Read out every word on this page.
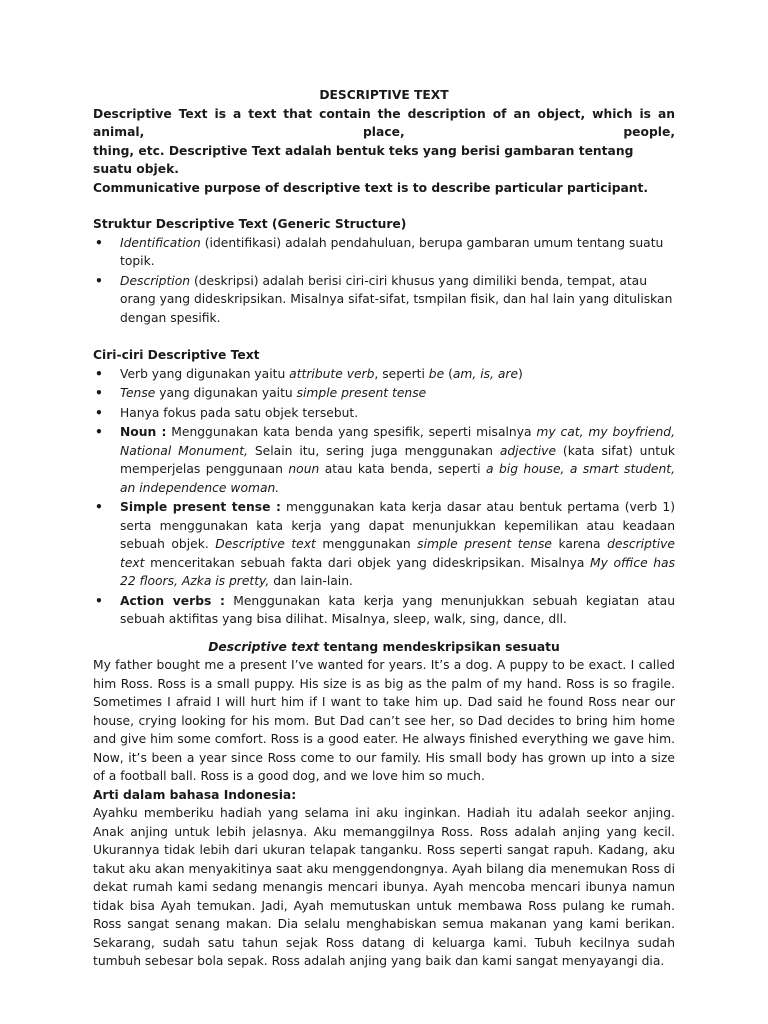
DESCRIPTIVE TEXT

Descriptive Text is a text that contain the description of an object, which is an animal, place, people,

thing, etc. Descriptive Text adalah bentuk teks yang berisi gambaran tentang suatu objek.

Communicative purpose of descriptive text is to describe particular participant.

Struktur Descriptive Text (Generic Structure)

• Identification (identifikasi) adalah pendahuluan, berupa gambaran umum tentang suatu topik.
• Description (deskripsi) adalah berisi ciri-ciri khusus yang dimiliki benda, tempat, atau orang yang dideskripsikan. Misalnya sifat-sifat, tsmpilan fisik, dan hal lain yang dituliskan dengan spesifik.

Ciri-ciri Descriptive Text

• Verb yang digunakan yaitu attribute verb, seperti be (am, is, are)
• Tense yang digunakan yaitu simple present tense
• Hanya fokus pada satu objek tersebut.
• Noun : Menggunakan kata benda yang spesifik, seperti misalnya my cat, my boyfriend, National Monument, Selain itu, sering juga menggunakan adjective (kata sifat) untuk memperjelas penggunaan noun atau kata benda, seperti a big house, a smart student, an independence woman.
• Simple present tense : menggunakan kata kerja dasar atau bentuk pertama (verb 1) serta menggunakan kata kerja yang dapat menunjukkan kepemilikan atau keadaan sebuah objek. Descriptive text menggunakan simple present tense karena descriptive text menceritakan sebuah fakta dari objek yang dideskripsikan. Misalnya My office has 22 floors, Azka is pretty, dan lain-lain.
• Action verbs : Menggunakan kata kerja yang menunjukkan sebuah kegiatan atau sebuah aktifitas yang bisa dilihat. Misalnya, sleep, walk, sing, dance, dll.

Descriptive text tentang mendeskripsikan sesuatu

My father bought me a present I’ve wanted for years. It’s a dog. A puppy to be exact. I called him Ross. Ross is a small puppy. His size is as big as the palm of my hand. Ross is so fragile. Sometimes I afraid I will hurt him if I want to take him up. Dad said he found Ross near our house, crying looking for his mom. But Dad can’t see her, so Dad decides to bring him home and give him some comfort. Ross is a good eater. He always finished everything we gave him. Now, it’s been a year since Ross come to our family. His small body has grown up into a size of a football ball. Ross is a good dog, and we love him so much.

Arti dalam bahasa Indonesia:

Ayahku memberiku hadiah yang selama ini aku inginkan. Hadiah itu adalah seekor anjing. Anak anjing untuk lebih jelasnya. Aku memanggilnya Ross. Ross adalah anjing yang kecil. Ukurannya tidak lebih dari ukuran telapak tanganku. Ross seperti sangat rapuh. Kadang, aku takut aku akan menyakitinya saat aku menggendongnya. Ayah bilang dia menemukan Ross di dekat rumah kami sedang menangis mencari ibunya. Ayah mencoba mencari ibunya namun tidak bisa Ayah temukan. Jadi, Ayah memutuskan untuk membawa Ross pulang ke rumah. Ross sangat senang makan. Dia selalu menghabiskan semua makanan yang kami berikan. Sekarang, sudah satu tahun sejak Ross datang di keluarga kami. Tubuh kecilnya sudah tumbuh sebesar bola sepak. Ross adalah anjing yang baik dan kami sangat menyayangi dia.
